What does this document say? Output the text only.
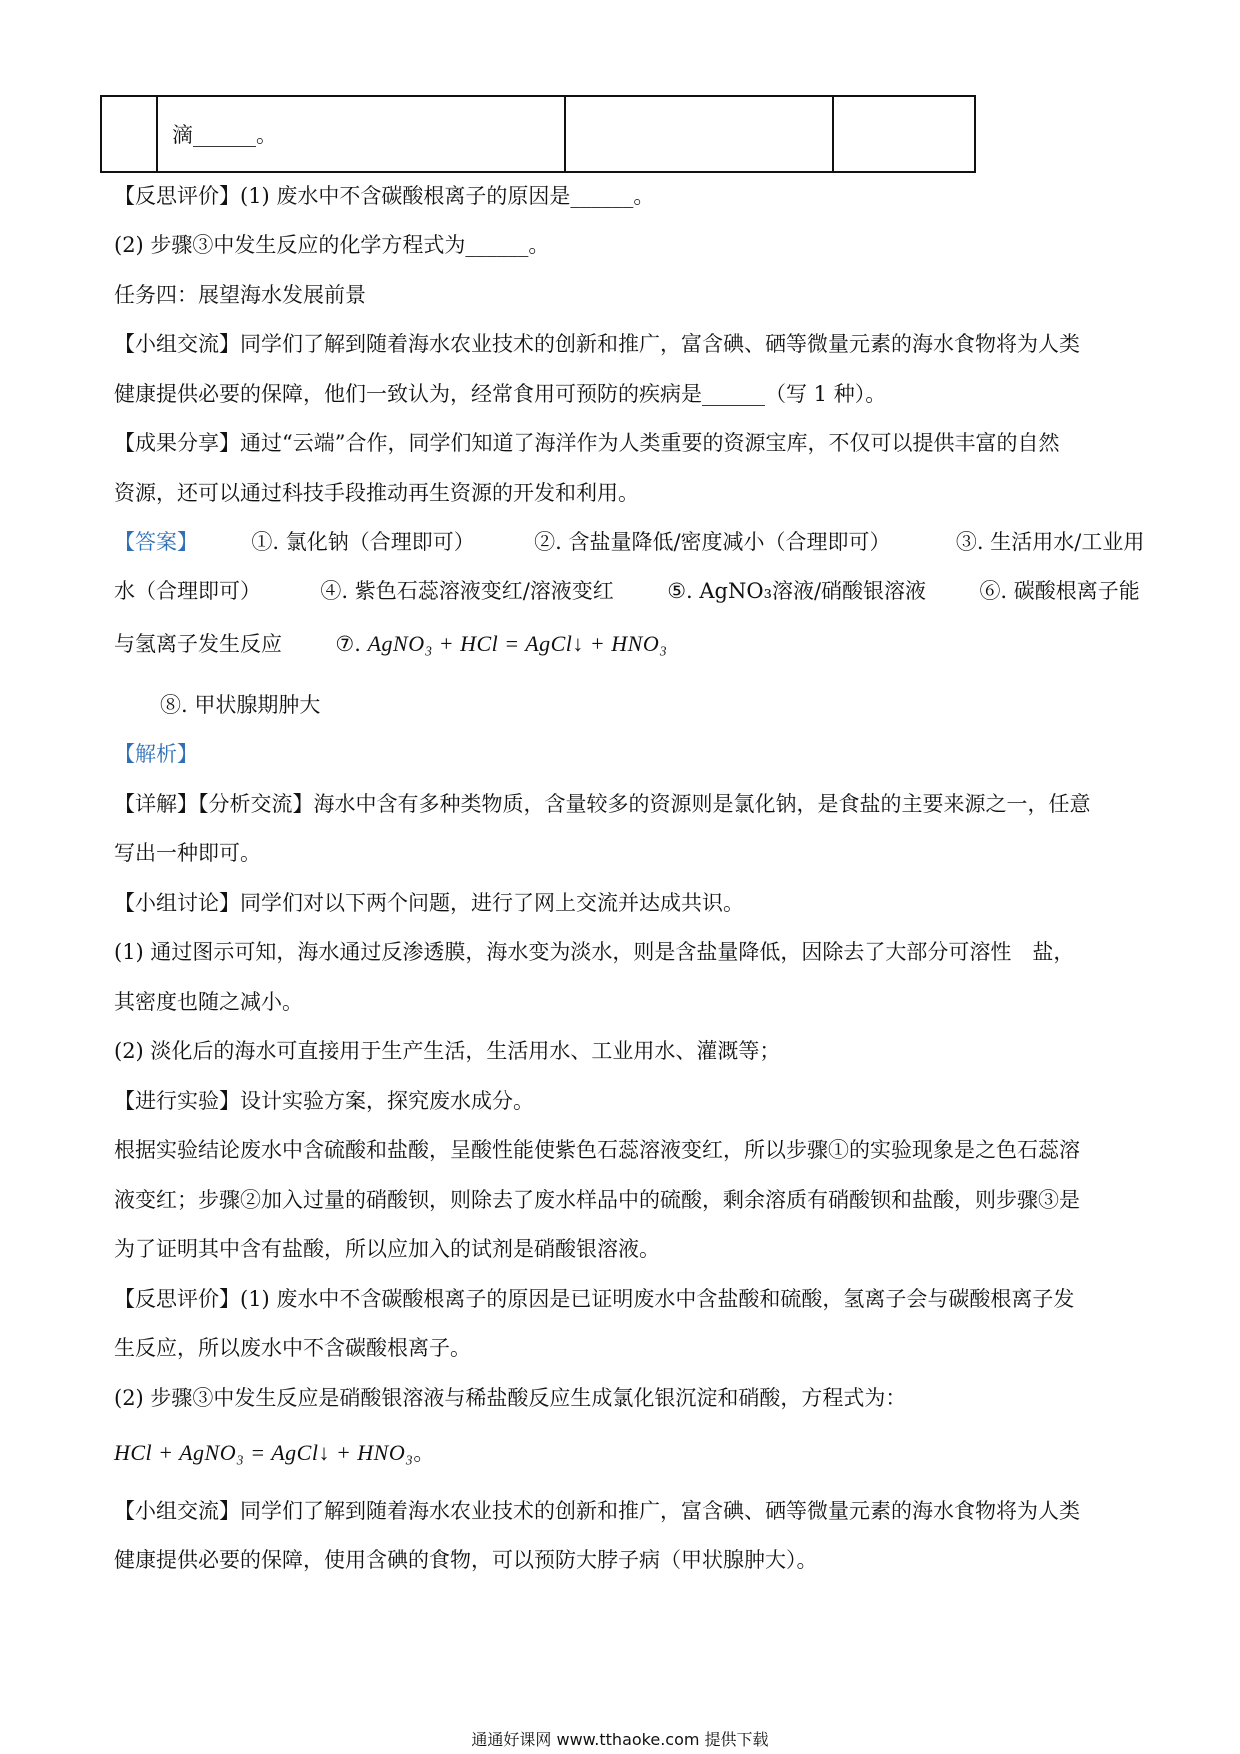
	滴______。		
【反思评价】(1) 废水中不含碳酸根离子的原因是______。
(2) 步骤③中发生反应的化学方程式为______。
任务四：展望海水发展前景
【小组交流】同学们了解到随着海水农业技术的创新和推广，富含碘、硒等微量元素的海水食物将为人类
健康提供必要的保障，他们一致认为，经常食用可预防的疾病是______（写 1 种）。
【成果分享】通过“云端”合作，同学们知道了海洋作为人类重要的资源宝库，不仅可以提供丰富的自然
资源，还可以通过科技手段推动再生资源的开发和利用。
【答案】	①. 氯化钠（合理即可）	②. 含盐量降低/密度减小（合理即可）	③. 生活用水/工业用
水（合理即可）	④. 紫色石蕊溶液变红/溶液变红	⑤. AgNO₃溶液/硝酸银溶液	⑥. 碳酸根离子能
与氢离子发生反应	⑦. AgNO₃ + HCl = AgCl↓ + HNO₃
⑧. 甲状腺期肿大
【解析】
【详解】【分析交流】海水中含有多种类物质，含量较多的资源则是氯化钠，是食盐的主要来源之一，任意
写出一种即可。
【小组讨论】同学们对以下两个问题，进行了网上交流并达成共识。
(1) 通过图示可知，海水通过反渗透膜，海水变为淡水，则是含盐量降低，因除去了大部分可溶性　盐，
其密度也随之减小。
(2) 淡化后的海水可直接用于生产生活，生活用水、工业用水、灌溉等；
【进行实验】设计实验方案，探究废水成分。
根据实验结论废水中含硫酸和盐酸，呈酸性能使紫色石蕊溶液变红，所以步骤①的实验现象是之色石蕊溶
液变红；步骤②加入过量的硝酸钡，则除去了废水样品中的硫酸，剩余溶质有硝酸钡和盐酸，则步骤③是
为了证明其中含有盐酸，所以应加入的试剂是硝酸银溶液。
【反思评价】(1) 废水中不含碳酸根离子的原因是已证明废水中含盐酸和硫酸，氢离子会与碳酸根离子发
生反应，所以废水中不含碳酸根离子。
(2) 步骤③中发生反应是硝酸银溶液与稀盐酸反应生成氯化银沉淀和硝酸，方程式为：
HCl + AgNO₃ = AgCl↓ + HNO₃。
【小组交流】同学们了解到随着海水农业技术的创新和推广，富含碘、硒等微量元素的海水食物将为人类
健康提供必要的保障，使用含碘的食物，可以预防大脖子病（甲状腺肿大）。
通通好课网 www.tthaoke.com 提供下载
